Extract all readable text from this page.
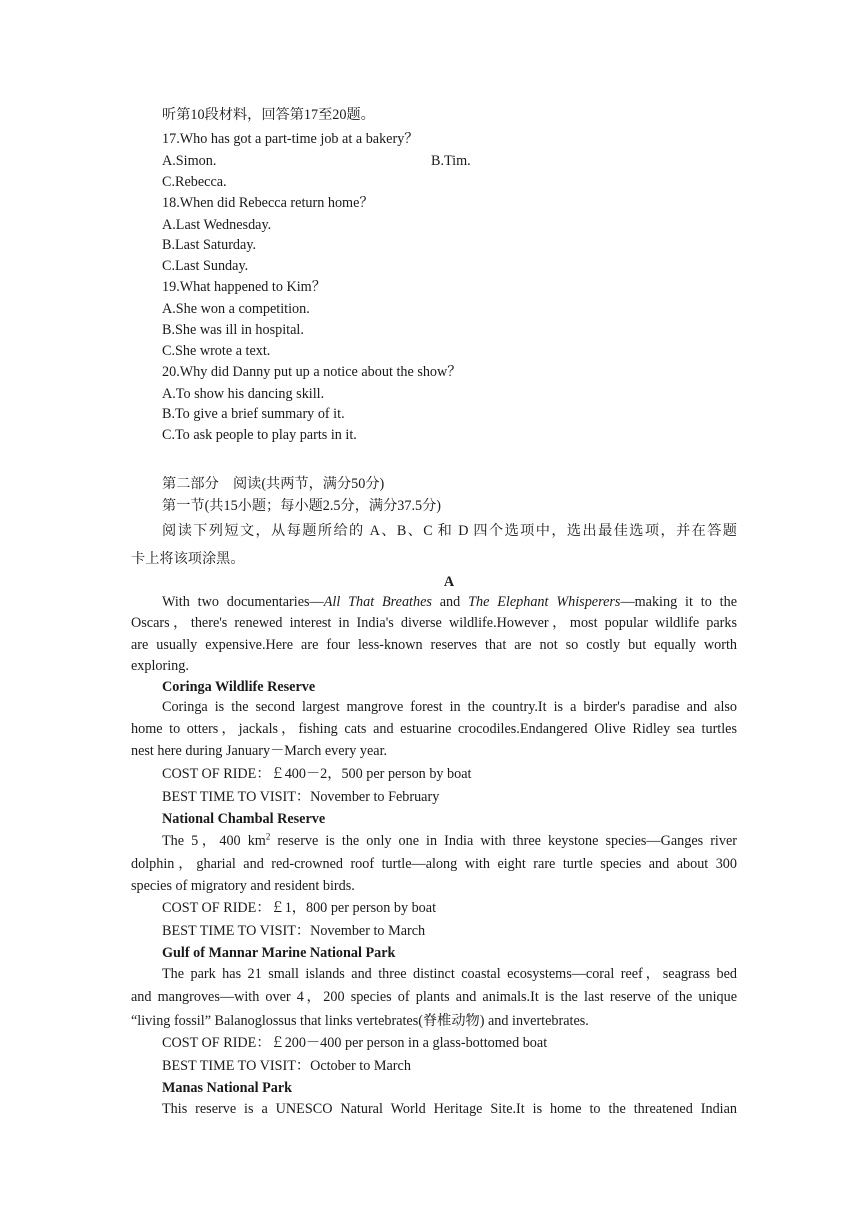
听第10段材料，回答第17至20题。
17.Who has got a part-time job at a bakery？
A.Simon.	B.Tim.
C.Rebecca.
18.When did Rebecca return home？
A.Last Wednesday.
B.Last Saturday.
C.Last Sunday.
19.What happened to Kim？
A.She won a competition.
B.She was ill in hospital.
C.She wrote a text.
20.Why did Danny put up a notice about the show？
A.To show his dancing skill.
B.To give a brief summary of it.
C.To ask people to play parts in it.
第二部分　阅读(共两节，满分50分)
第一节(共15小题；每小题2.5分，满分37.5分)
阅读下列短文，从每题所给的 A、B、C 和 D 四个选项中，选出最佳选项，并在答题
卡上将该项涂黑。
A
With two documentaries—All That Breathes and The Elephant Whisperers—making it to the
Oscars，there's renewed interest in India's diverse wildlife.However，most popular wildlife parks
are usually expensive.Here are four less-known reserves that are not so costly but equally worth
exploring.
Coringa Wildlife Reserve
Coringa is the second largest mangrove forest in the country.It is a birder's paradise and also
home to otters，jackals，fishing cats and estuarine crocodiles.Endangered Olive Ridley sea turtles
nest here during January－March every year.
COST OF RIDE：￡400－2，500 per person by boat
BEST TIME TO VISIT：November to February
National Chambal Reserve
The 5，400 $km^2$ reserve is the only one in India with three keystone species—Ganges river
dolphin，gharial and red-crowned roof turtle—along with eight rare turtle species and about 300
species of migratory and resident birds.
COST OF RIDE：￡1，800 per person by boat
BEST TIME TO VISIT：November to March
Gulf of Mannar Marine National Park
The park has 21 small islands and three distinct coastal ecosystems—coral reef，seagrass bed
and mangroves—with over 4，200 species of plants and animals.It is the last reserve of the unique
“living fossil” Balanoglossus that links vertebrates(脊椎动物) and invertebrates.
COST OF RIDE：￡200－400 per person in a glass-bottomed boat
BEST TIME TO VISIT：October to March
Manas National Park
This reserve is a UNESCO Natural World Heritage Site.It is home to the threatened Indian
